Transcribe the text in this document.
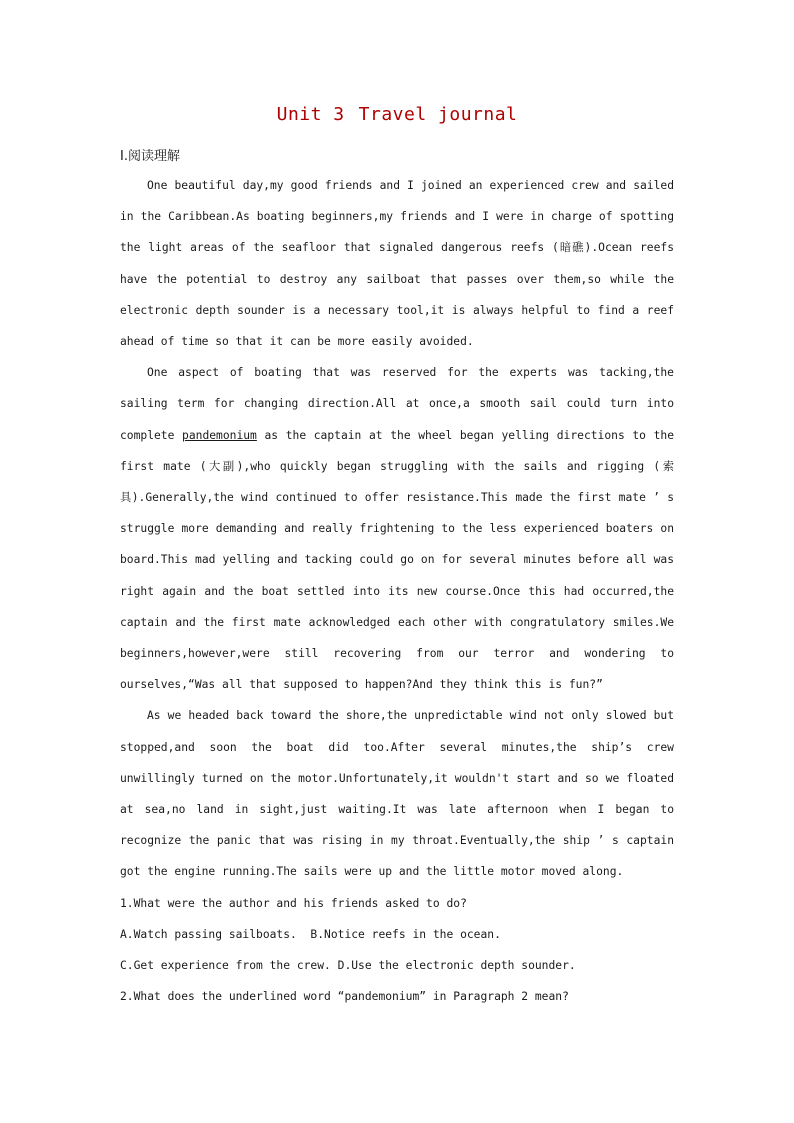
Unit 3 Travel journal
Ⅰ.阅读理解

One beautiful day,my good friends and I joined an experienced crew and sailed in the Caribbean.As boating beginners,my friends and I were in charge of spotting the light areas of the seafloor that signaled dangerous reefs (暗礁).Ocean reefs have the potential to destroy any sailboat that passes over them,so while the electronic depth sounder is a necessary tool,it is always helpful to find a reef ahead of time so that it can be more easily avoided.

One aspect of boating that was reserved for the experts was tacking,the sailing term for changing direction.All at once,a smooth sail could turn into complete pandemonium as the captain at the wheel began yelling directions to the first mate (大副),who quickly began struggling with the sails and rigging (索具).Generally,the wind continued to offer resistance.This made the first mate ’ s struggle more demanding and really frightening to the less experienced boaters on board.This mad yelling and tacking could go on for several minutes before all was right again and the boat settled into its new course.Once this had occurred,the captain and the first mate acknowledged each other with congratulatory smiles.We beginners,however,were still recovering from our terror and wondering to ourselves,“Was all that supposed to happen?And they think this is fun?”

As we headed back toward the shore,the unpredictable wind not only slowed but stopped,and soon the boat did too.After several minutes,the ship’s crew unwillingly turned on the motor.Unfortunately,it wouldn't start and so we floated at sea,no land in sight,just waiting.It was late afternoon when I began to recognize the panic that was rising in my throat.Eventually,the ship ’ s captain got the engine running.The sails were up and the little motor moved along.

1.What were the author and his friends asked to do?

A.Watch passing sailboats.  B.Notice reefs in the ocean.

C.Get experience from the crew. D.Use the electronic depth sounder.

2.What does the underlined word “pandemonium” in Paragraph 2 mean?
